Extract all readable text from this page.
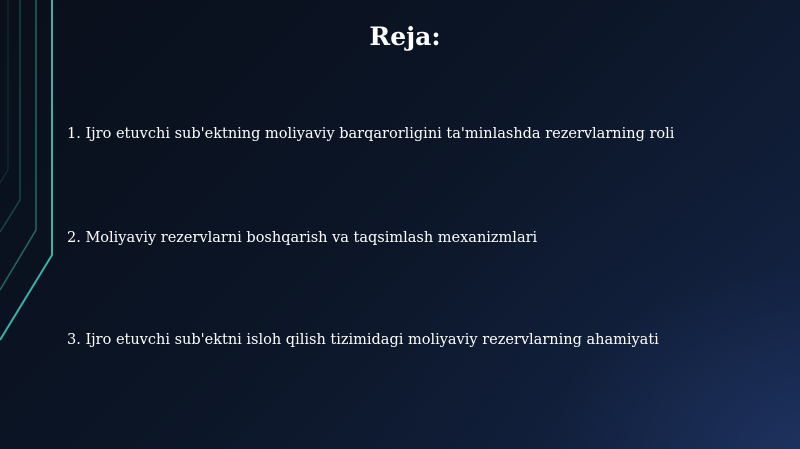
Reja:
1. Ijro etuvchi sub'ektning moliyaviy barqarorligini ta'minlashda rezervlarning roli
2. Moliyaviy rezervlarni boshqarish va taqsimlash mexanizmlari
3. Ijro etuvchi sub'ektni isloh qilish tizimidagi moliyaviy rezervlarning ahamiyati
